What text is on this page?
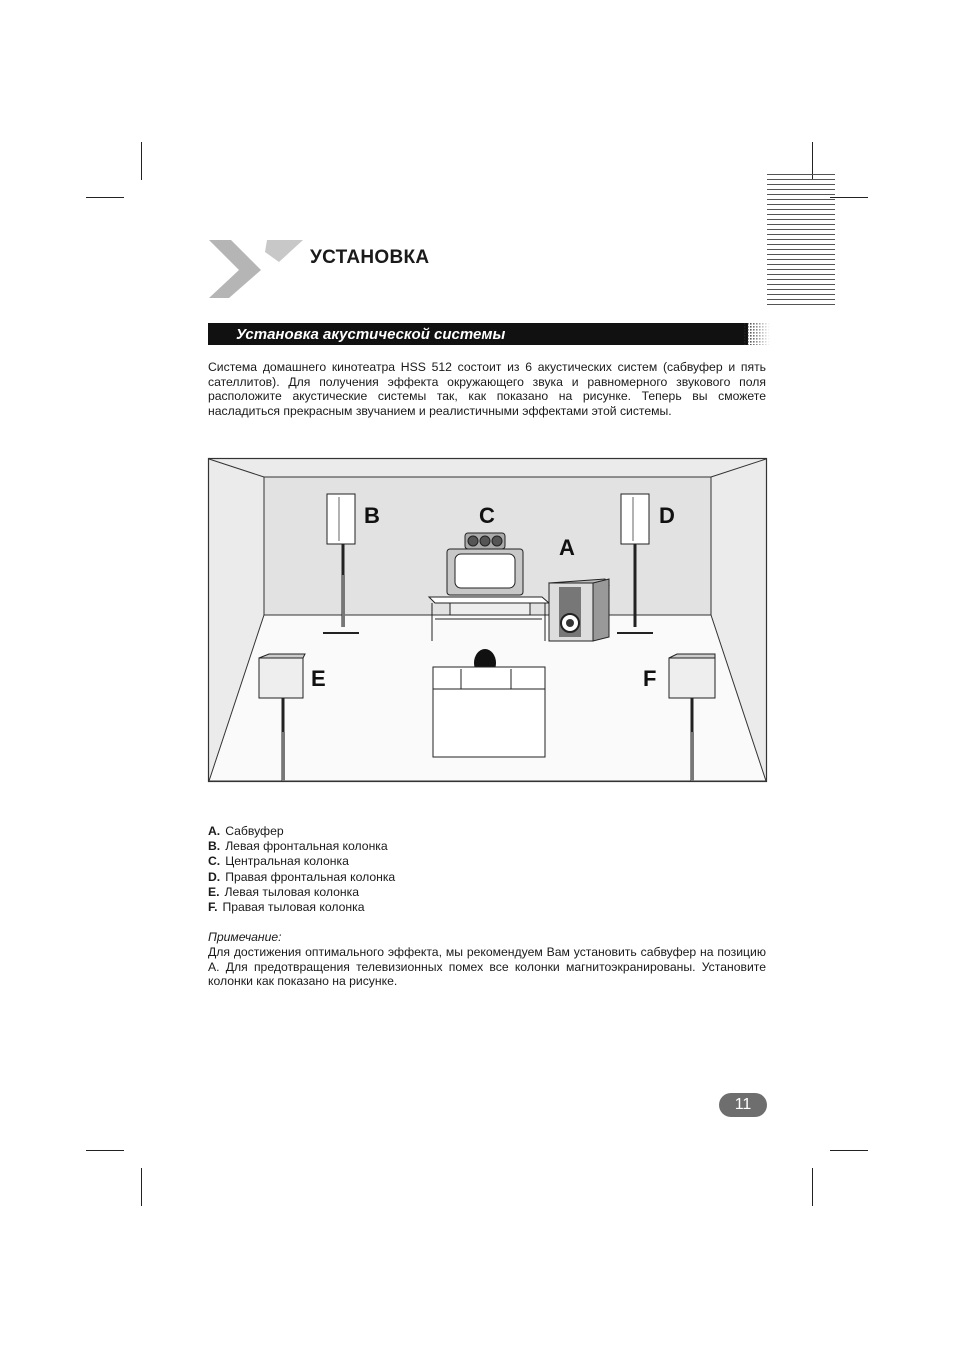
УСТАНОВКА
Установка акустической системы

Система домашнего кинотеатра HSS 512 состоит из 6 акустических систем (сабвуфер и пять сателлитов). Для получения эффекта окружающего звука и равномерного звукового поля расположите акустические системы так, как показано на рисунке. Теперь вы сможете насладиться прекрасным звучанием и реалистичными эффектами этой системы.

B	C	D
A
E	F
A. Сабвуфер
B. Левая фронтальная колонка
C. Центральная колонка
D. Правая фронтальная колонка
E. Левая тыловая колонка
F. Правая тыловая колонка
Примечание:

Для достижения оптимального эффекта, мы рекомендуем Вам установить сабвуфер на позицию А. Для предотвращения телевизионных помех все колонки магнитоэкранированы. Установите колонки как показано на рисунке.

11
